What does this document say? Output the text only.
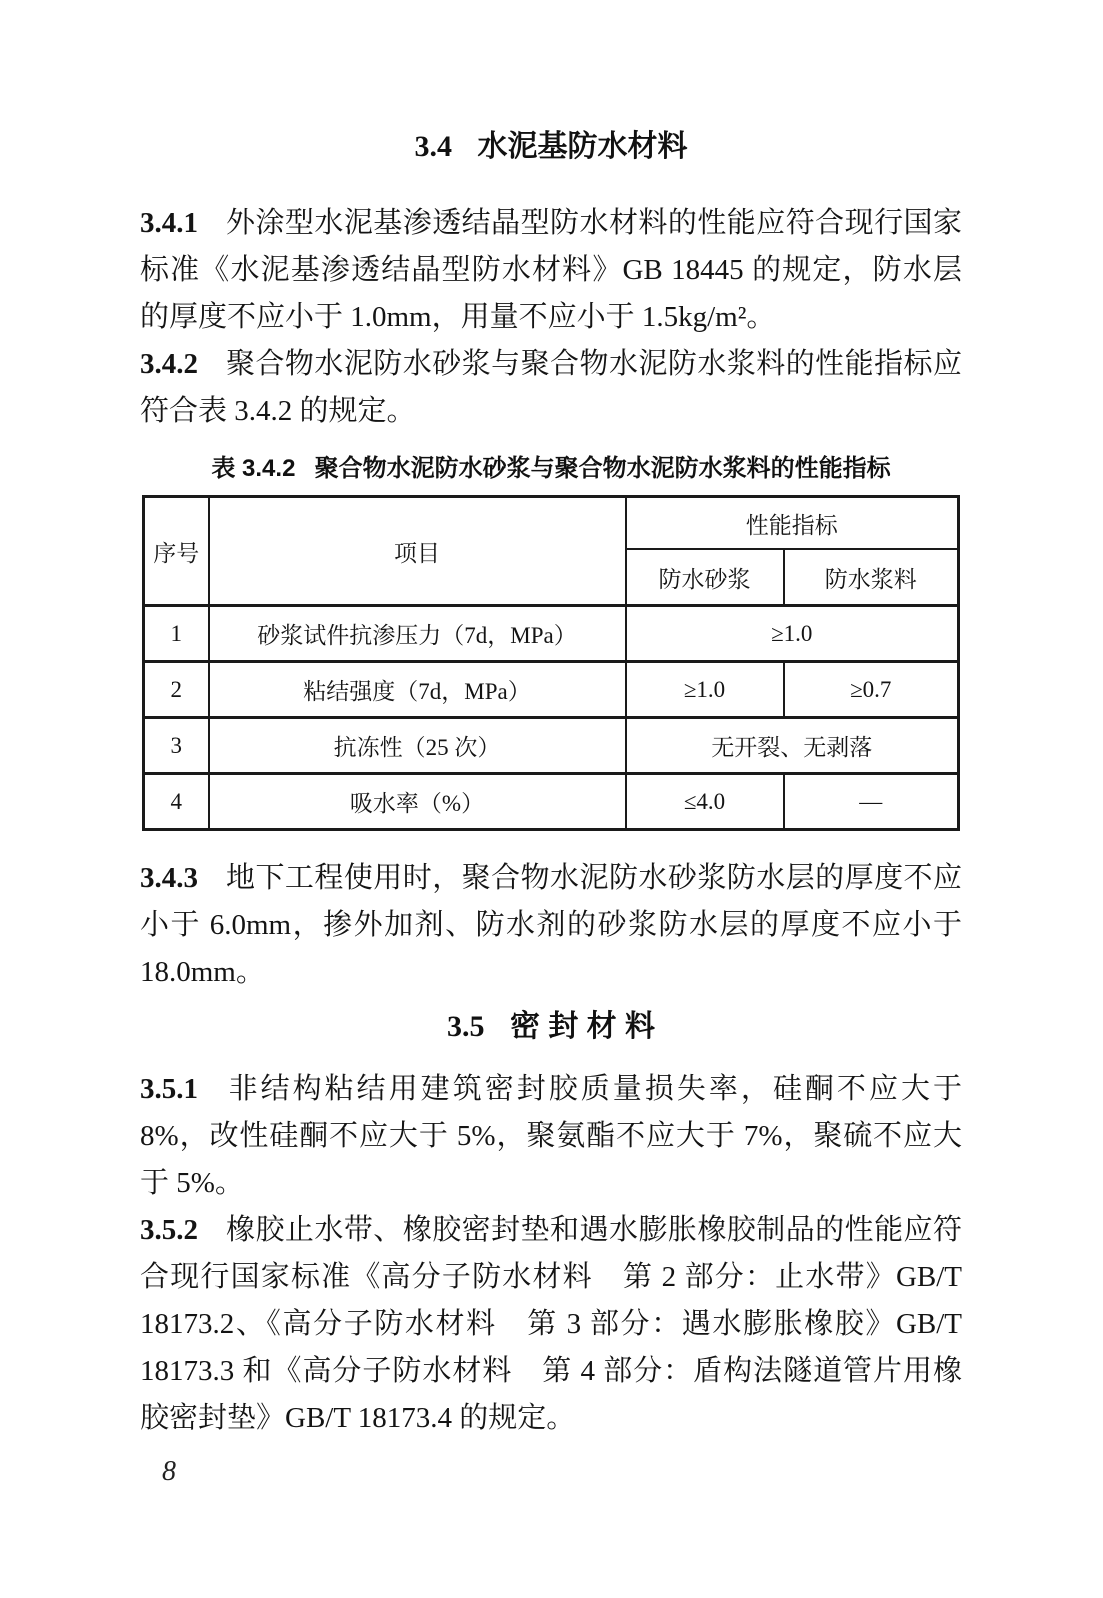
3.4 水泥基防水材料

3.4.1 外涂型水泥基渗透结晶型防水材料的性能应符合现行国家标准《水泥基渗透结晶型防水材料》GB 18445 的规定，防水层的厚度不应小于 1.0mm，用量不应小于 1.5kg/m²。

3.4.2 聚合物水泥防水砂浆与聚合物水泥防水浆料的性能指标应符合表 3.4.2 的规定。

表 3.4.2 聚合物水泥防水砂浆与聚合物水泥防水浆料的性能指标
序号	项目	性能指标	
		防水砂浆	防水浆料
1	砂浆试件抗渗压力（7d，MPa）	≥1.0	
2	粘结强度（7d，MPa）	≥1.0	≥0.7
3	抗冻性（25 次）	无开裂、无剥落	
4	吸水率（%）	≤4.0	—

3.4.3 地下工程使用时，聚合物水泥防水砂浆防水层的厚度不应小于 6.0mm，掺外加剂、防水剂的砂浆防水层的厚度不应小于 18.0mm。

3.5 密 封 材 料

3.5.1 非结构粘结用建筑密封胶质量损失率，硅酮不应大于 8%，改性硅酮不应大于 5%，聚氨酯不应大于 7%，聚硫不应大于 5%。

3.5.2 橡胶止水带、橡胶密封垫和遇水膨胀橡胶制品的性能应符合现行国家标准《高分子防水材料　第 2 部分：止水带》GB/T 18173.2、《高分子防水材料　第 3 部分：遇水膨胀橡胶》GB/T 18173.3 和《高分子防水材料　第 4 部分：盾构法隧道管片用橡胶密封垫》GB/T 18173.4 的规定。

8
